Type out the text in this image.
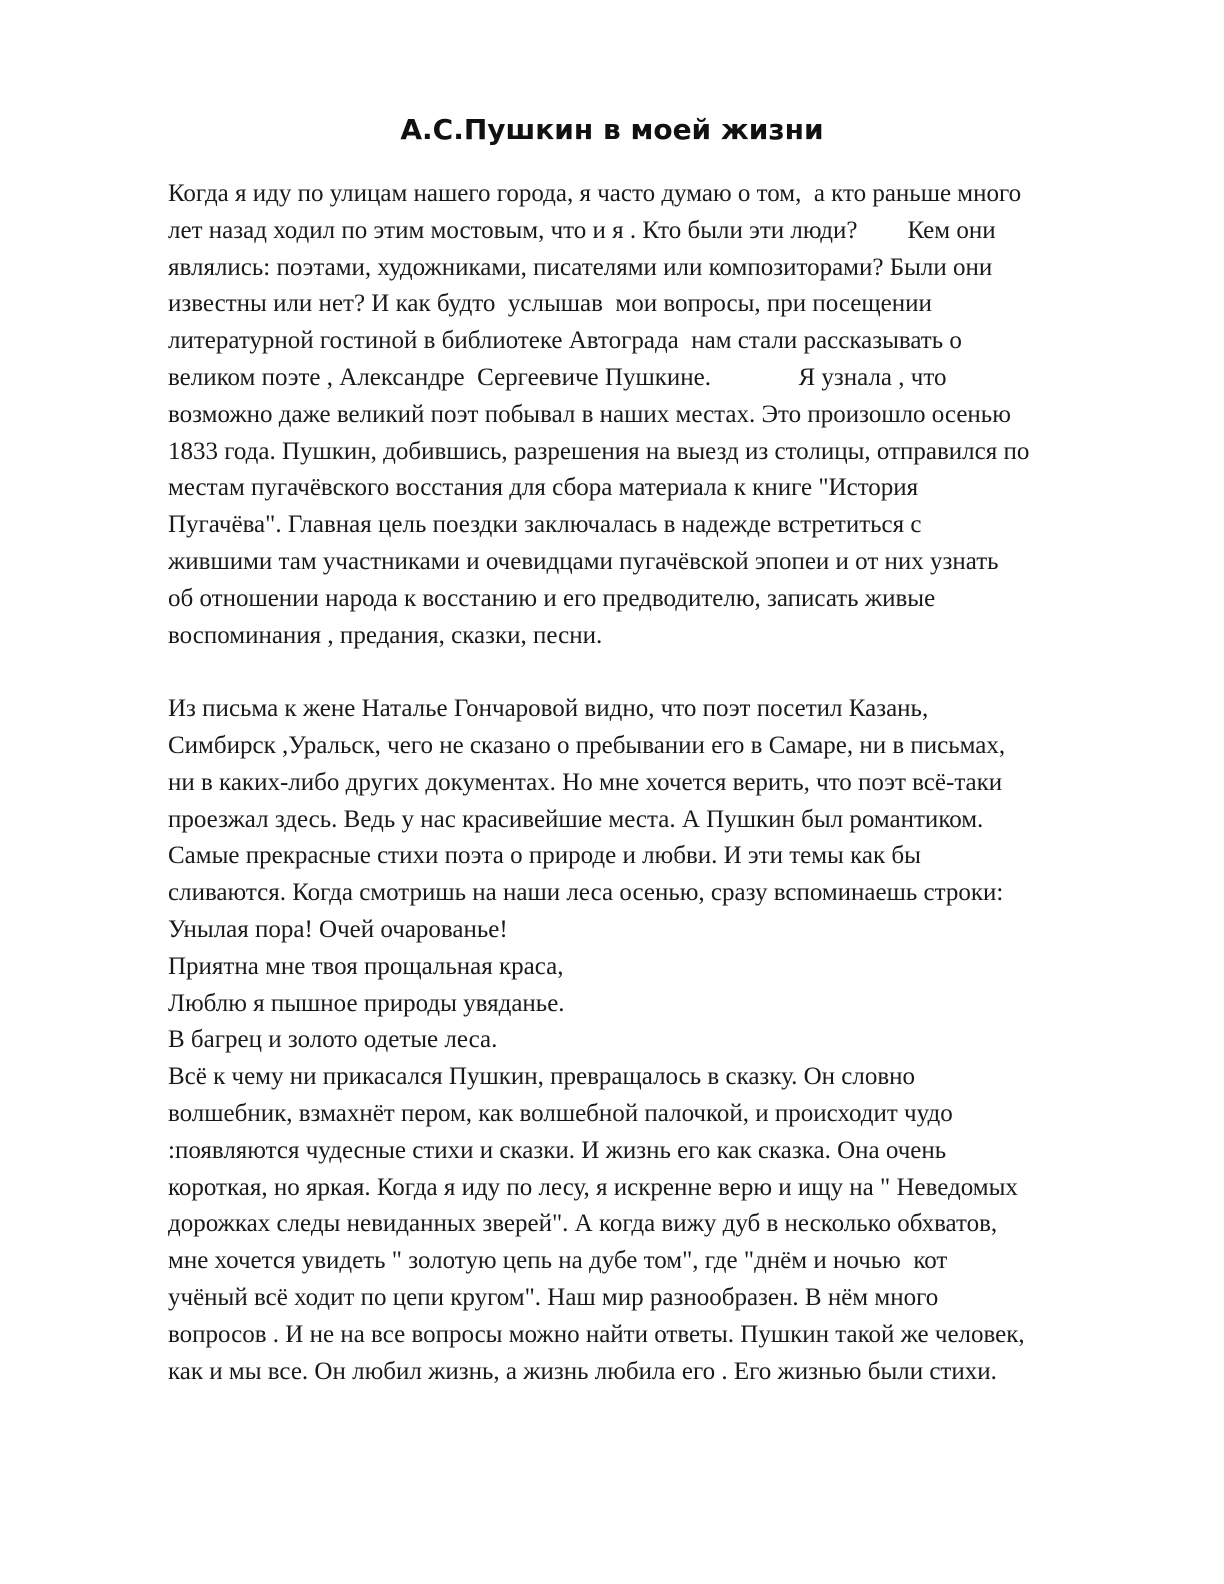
А.С.Пушкин в моей жизни
Когда я иду по улицам нашего города, я часто думаю о том,  а кто раньше много
лет назад ходил по этим мостовым, что и я . Кто были эти люди?        Кем они
являлись: поэтами, художниками, писателями или композиторами? Были они
известны или нет? И как будто  услышав  мои вопросы, при посещении
литературной гостиной в библиотеке Автограда  нам стали рассказывать о
великом поэте , Александре  Сергеевиче Пушкине.              Я узнала , что
возможно даже великий поэт побывал в наших местах. Это произошло осенью
1833 года. Пушкин, добившись, разрешения на выезд из столицы, отправился по
местам пугачёвского восстания для сбора материала к книге "История
Пугачёва". Главная цель поездки заключалась в надежде встретиться с
жившими там участниками и очевидцами пугачёвской эпопеи и от них узнать
об отношении народа к восстанию и его предводителю, записать живые
воспоминания , предания, сказки, песни.
Из письма к жене Наталье Гончаровой видно, что поэт посетил Казань,
Симбирск ,Уральск, чего не сказано о пребывании его в Самаре, ни в письмах,
ни в каких-либо других документах. Но мне хочется верить, что поэт всё-таки
проезжал здесь. Ведь у нас красивейшие места. А Пушкин был романтиком.
Самые прекрасные стихи поэта о природе и любви. И эти темы как бы
сливаются. Когда смотришь на наши леса осенью, сразу вспоминаешь строки:
Унылая пора! Очей очарованье!
Приятна мне твоя прощальная краса,
Люблю я пышное природы увяданье.
В багрец и золото одетые леса.
Всё к чему ни прикасался Пушкин, превращалось в сказку. Он словно
волшебник, взмахнёт пером, как волшебной палочкой, и происходит чудо
:появляются чудесные стихи и сказки. И жизнь его как сказка. Она очень
короткая, но яркая. Когда я иду по лесу, я искренне верю и ищу на " Неведомых
дорожках следы невиданных зверей". А когда вижу дуб в несколько обхватов,
мне хочется увидеть " золотую цепь на дубе том", где "днём и ночью  кот
учёный всё ходит по цепи кругом". Наш мир разнообразен. В нём много
вопросов . И не на все вопросы можно найти ответы. Пушкин такой же человек,
как и мы все. Он любил жизнь, а жизнь любила его . Его жизнью были стихи.
